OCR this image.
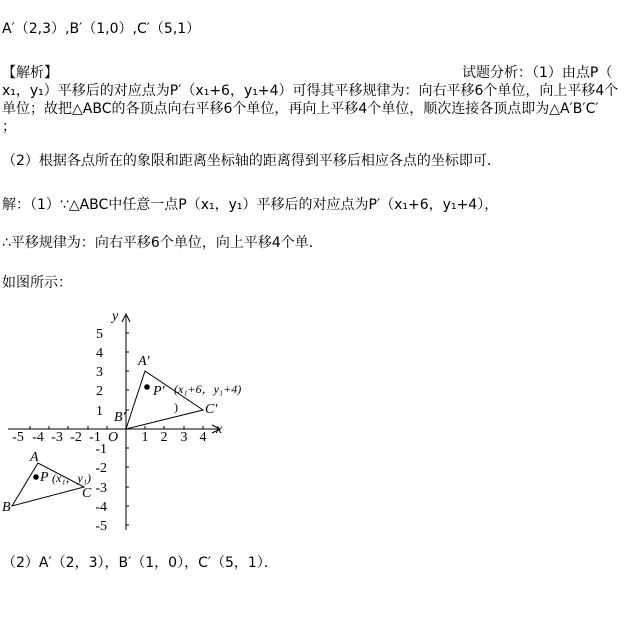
A′（2,3）,B′（1,0）,C′（5,1）
【解析】	试题分析：（1）由点P（
x₁，y₁）平移后的对应点为P′（x₁+6，y₁+4）可得其平移规律为：向右平移6个单位，向上平移4个
单位；故把△ABC的各顶点向右平移6个单位，再向上平移4个单位，顺次连接各顶点即为△A′B′C′
；
（2）根据各点所在的象限和距离坐标轴的距离得到平移后相应各点的坐标即可．
解：（1）∵△ABC中任意一点P（x₁，y₁）平移后的对应点为P′（x₁+6，y₁+4），
∴平移规律为：向右平移6个单位，向上平移4个单．
如图所示：
-5 -4 -3 -2 -1	1 2 3 4
5
4
3
2
1
-1
-2
-3
-4
-5
O
x
y
A
B
C
P (x₁，y₁)
A′
B′
C′
P′ (x₁+6，y₁+4)
)
（2）A′（2，3），B′（1，0），C′（5，1）．
